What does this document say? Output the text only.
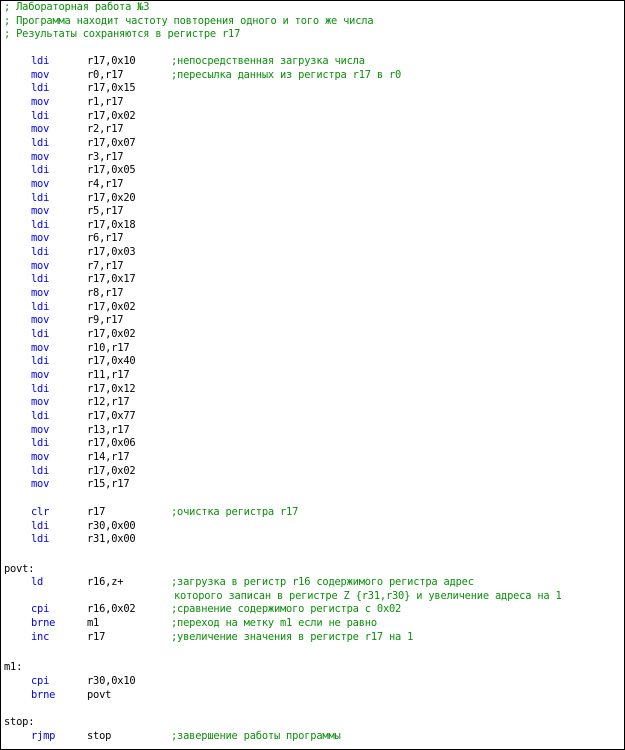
; Лабораторная работа №3
; Программа находит частоту повторения одного и того же числа
; Результаты сохраняются в регистре r17
ldi	r17,0x10	;непосредственная загрузка числа
mov	r0,r17	;пересылка данных из регистра r17 в r0
ldi	r17,0x15
mov	r1,r17
ldi	r17,0x02
mov	r2,r17
ldi	r17,0x07
mov	r3,r17
ldi	r17,0x05
mov	r4,r17
ldi	r17,0x20
mov	r5,r17
ldi	r17,0x18
mov	r6,r17
ldi	r17,0x03
mov	r7,r17
ldi	r17,0x17
mov	r8,r17
ldi	r17,0x02
mov	r9,r17
ldi	r17,0x02
mov	r10,r17
ldi	r17,0x40
mov	r11,r17
ldi	r17,0x12
mov	r12,r17
ldi	r17,0x77
mov	r13,r17
ldi	r17,0x06
mov	r14,r17
ldi	r17,0x02
mov	r15,r17
clr	r17	;очистка регистра r17
ldi	r30,0x00
ldi	r31,0x00
povt:
ld	r16,z+	;загрузка в регистр r16 содержимого регистра адрес
которого записан в регистре Z {r31,r30} и увеличение адреса на 1
cpi	r16,0x02	;сравнение содержимого регистра с 0x02
brne	m1	;переход на метку m1 если не равно
inc	r17	;увеличение значения в регистре r17 на 1
m1:
cpi	r30,0x10
brne	povt
stop:
rjmp	stop	;завершение работы программы
